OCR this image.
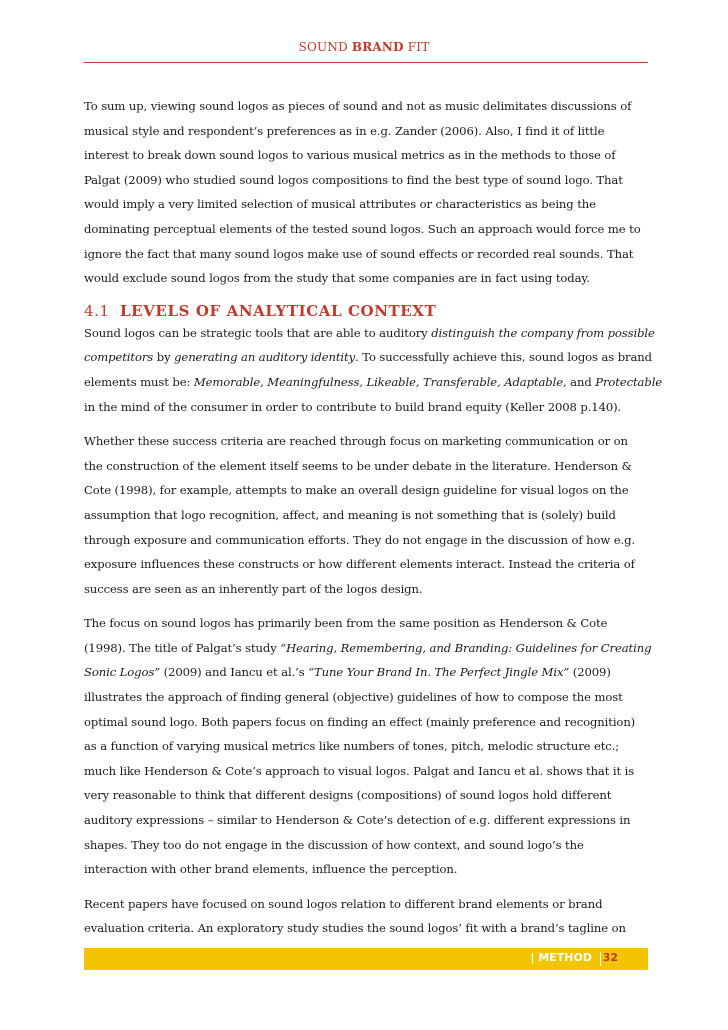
SOUND BRAND FIT

To sum up, viewing sound logos as pieces of sound and not as music delimitates discussions of
musical style and respondent’s preferences as in e.g. Zander (2006). Also, I find it of little
interest to break down sound logos to various musical metrics as in the methods to those of
Palgat (2009) who studied sound logos compositions to find the best type of sound logo. That
would imply a very limited selection of musical attributes or characteristics as being the
dominating perceptual elements of the tested sound logos. Such an approach would force me to
ignore the fact that many sound logos make use of sound effects or recorded real sounds. That
would exclude sound logos from the study that some companies are in fact using today.

4.1 LEVELS OF ANALYTICAL CONTEXT

Sound logos can be strategic tools that are able to auditory distinguish the company from possible
competitors by generating an auditory identity. To successfully achieve this, sound logos as brand
elements must be: Memorable, Meaningfulness, Likeable, Transferable, Adaptable, and Protectable
in the mind of the consumer in order to contribute to build brand equity (Keller 2008 p.140).

Whether these success criteria are reached through focus on marketing communication or on
the construction of the element itself seems to be under debate in the literature. Henderson &
Cote (1998), for example, attempts to make an overall design guideline for visual logos on the
assumption that logo recognition, affect, and meaning is not something that is (solely) build
through exposure and communication efforts. They do not engage in the discussion of how e.g.
exposure influences these constructs or how different elements interact. Instead the criteria of
success are seen as an inherently part of the logos design.

The focus on sound logos has primarily been from the same position as Henderson & Cote
(1998). The title of Palgat’s study “Hearing, Remembering, and Branding: Guidelines for Creating
Sonic Logos” (2009) and Iancu et al.’s “Tune Your Brand In. The Perfect Jingle Mix” (2009)
illustrates the approach of finding general (objective) guidelines of how to compose the most
optimal sound logo. Both papers focus on finding an effect (mainly preference and recognition)
as a function of varying musical metrics like numbers of tones, pitch, melodic structure etc.;
much like Henderson & Cote’s approach to visual logos. Palgat and Iancu et al. shows that it is
very reasonable to think that different designs (compositions) of sound logos hold different
auditory expressions – similar to Henderson & Cote’s detection of e.g. different expressions in
shapes. They too do not engage in the discussion of how context, and sound logo’s the
interaction with other brand elements, influence the perception.

Recent papers have focused on sound logos relation to different brand elements or brand
evaluation criteria. An exploratory study studies the sound logos’ fit with a brand’s tagline on

| METHOD 32
